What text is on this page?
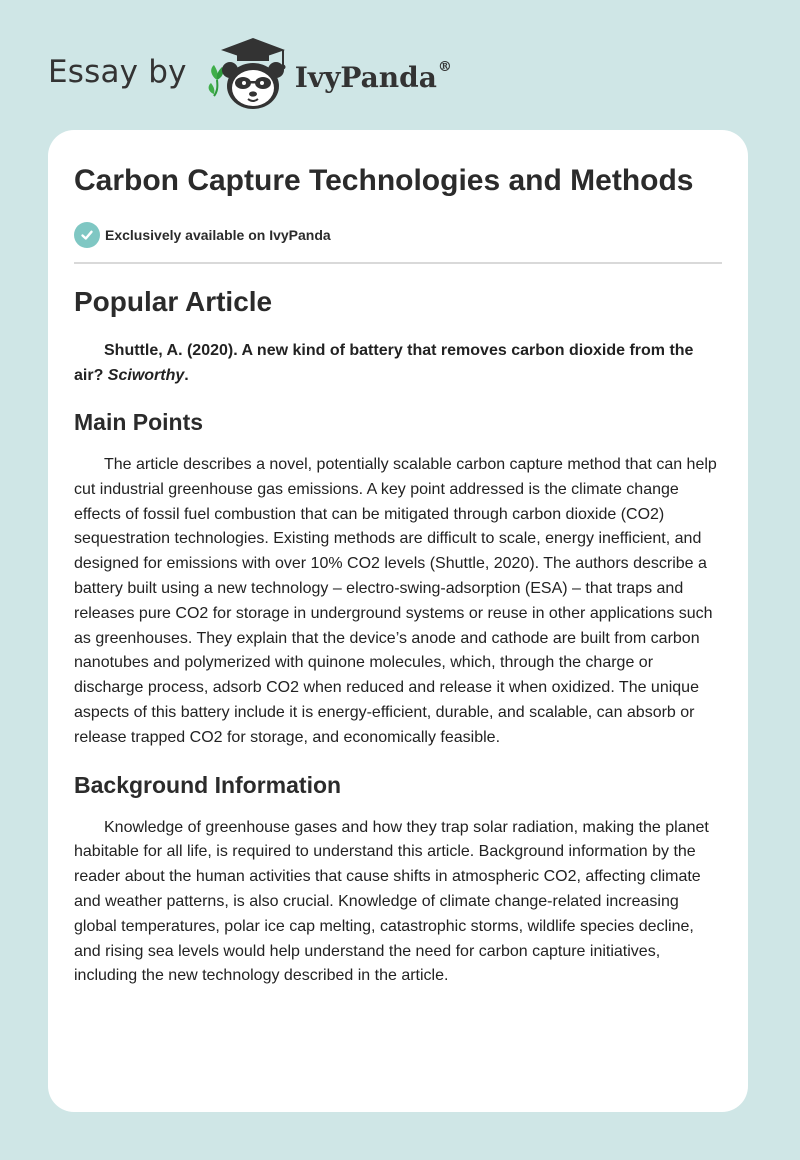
Essay by	IvyPanda®
Carbon Capture Technologies and Methods
Exclusively available on IvyPanda
Popular Article

Shuttle, A. (2020). A new kind of battery that removes carbon dioxide from the air? Sciworthy.

Main Points

The article describes a novel, potentially scalable carbon capture method that can help cut industrial greenhouse gas emissions. A key point addressed is the climate change effects of fossil fuel combustion that can be mitigated through carbon dioxide (CO2) sequestration technologies. Existing methods are difficult to scale, energy inefficient, and designed for emissions with over 10% CO2 levels (Shuttle, 2020). The authors describe a battery built using a new technology – electro-swing-adsorption (ESA) – that traps and releases pure CO2 for storage in underground systems or reuse in other applications such as greenhouses. They explain that the device’s anode and cathode are built from carbon nanotubes and polymerized with quinone molecules, which, through the charge or discharge process, adsorb CO2 when reduced and release it when oxidized. The unique aspects of this battery include it is energy-efficient, durable, and scalable, can absorb or release trapped CO2 for storage, and economically feasible.

Background Information

Knowledge of greenhouse gases and how they trap solar radiation, making the planet habitable for all life, is required to understand this article. Background information by the reader about the human activities that cause shifts in atmospheric CO2, affecting climate and weather patterns, is also crucial. Knowledge of climate change-related increasing global temperatures, polar ice cap melting, catastrophic storms, wildlife species decline, and rising sea levels would help understand the need for carbon capture initiatives, including the new technology described in the article.
